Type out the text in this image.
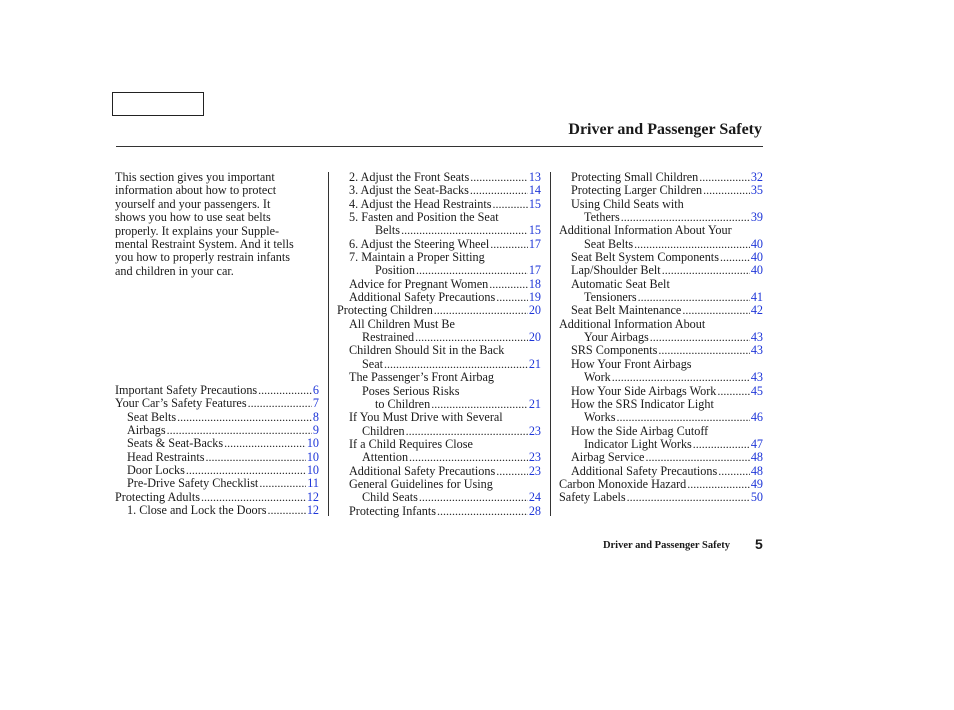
Driver and Passenger Safety
This section gives you important
information about how to protect
yourself and your passengers. It
shows you how to use seat belts
properly. It explains your Supple-
mental Restraint System. And it tells
you how to properly restrain infants
and children in your car.
Important Safety Precautions .....	6
Your Car’s Safety Features .....	7
Seat Belts .....	8
Airbags .....	9
Seats & Seat-Backs .....	10
Head Restraints .....	10
Door Locks .....	10
Pre-Drive Safety Checklist .....	11
Protecting Adults .....	12
1. Close and Lock the Doors .....	12
2. Adjust the Front Seats .....	13
3. Adjust the Seat-Backs .....	14
4. Adjust the Head Restraints .....	15
5. Fasten and Position the Seat
Belts .....	15
6. Adjust the Steering Wheel .....	17
7. Maintain a Proper Sitting
Position .....	17
Advice for Pregnant Women .....	18
Additional Safety Precautions .....	19
Protecting Children .....	20
All Children Must Be
Restrained .....	20
Children Should Sit in the Back
Seat .....	21
The Passenger’s Front Airbag
Poses Serious Risks
to Children .....	21
If You Must Drive with Several
Children .....	23
If a Child Requires Close
Attention .....	23
Additional Safety Precautions .....	23
General Guidelines for Using
Child Seats .....	24
Protecting Infants .....	28
Protecting Small Children .....	32
Protecting Larger Children .....	35
Using Child Seats with
Tethers .....	39
Additional Information About Your
Seat Belts .....	40
Seat Belt System Components .....	40
Lap/Shoulder Belt .....	40
Automatic Seat Belt
Tensioners .....	41
Seat Belt Maintenance .....	42
Additional Information About
Your Airbags .....	43
SRS Components .....	43
How Your Front Airbags
Work .....	43
How Your Side Airbags Work .....	45
How the SRS Indicator Light
Works .....	46
How the Side Airbag Cutoff
Indicator Light Works .....	47
Airbag Service .....	48
Additional Safety Precautions .....	48
Carbon Monoxide Hazard .....	49
Safety Labels .....	50
Driver and Passenger Safety 5
